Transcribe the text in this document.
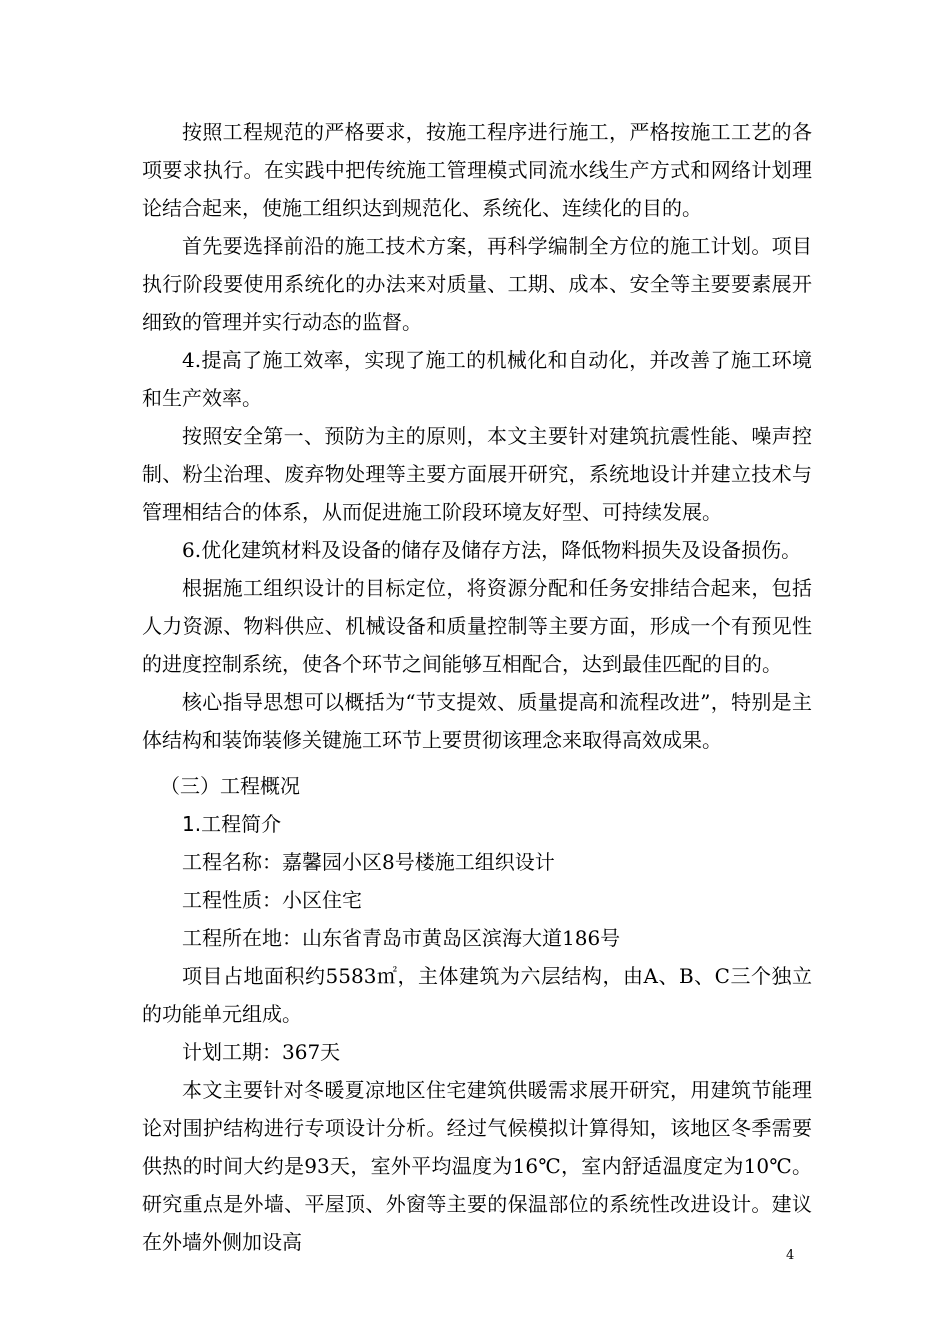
按照工程规范的严格要求，按施工程序进行施工，严格按施工工艺的各项要求执行。在实践中把传统施工管理模式同流水线生产方式和网络计划理论结合起来，使施工组织达到规范化、系统化、连续化的目的。

首先要选择前沿的施工技术方案，再科学编制全方位的施工计划。项目执行阶段要使用系统化的办法来对质量、工期、成本、安全等主要要素展开细致的管理并实行动态的监督。

4.提高了施工效率，实现了施工的机械化和自动化，并改善了施工环境和生产效率。

按照安全第一、预防为主的原则，本文主要针对建筑抗震性能、噪声控制、粉尘治理、废弃物处理等主要方面展开研究，系统地设计并建立技术与管理相结合的体系，从而促进施工阶段环境友好型、可持续发展。

6.优化建筑材料及设备的储存及储存方法，降低物料损失及设备损伤。

根据施工组织设计的目标定位，将资源分配和任务安排结合起来，包括人力资源、物料供应、机械设备和质量控制等主要方面，形成一个有预见性的进度控制系统，使各个环节之间能够互相配合，达到最佳匹配的目的。

核心指导思想可以概括为“节支提效、质量提高和流程改进”，特别是主体结构和装饰装修关键施工环节上要贯彻该理念来取得高效成果。

（三）工程概况

1.工程简介

工程名称：嘉馨园小区8号楼施工组织设计

工程性质：小区住宅

工程所在地：山东省青岛市黄岛区滨海大道186号

项目占地面积约5583㎡，主体建筑为六层结构，由A、B、C三个独立的功能单元组成。

计划工期：367天

本文主要针对冬暖夏凉地区住宅建筑供暖需求展开研究，用建筑节能理论对围护结构进行专项设计分析。经过气候模拟计算得知，该地区冬季需要供热的时间大约是93天，室外平均温度为16℃，室内舒适温度定为10℃。研究重点是外墙、平屋顶、外窗等主要的保温部位的系统性改进设计。建议在外墙外侧加设高

4
